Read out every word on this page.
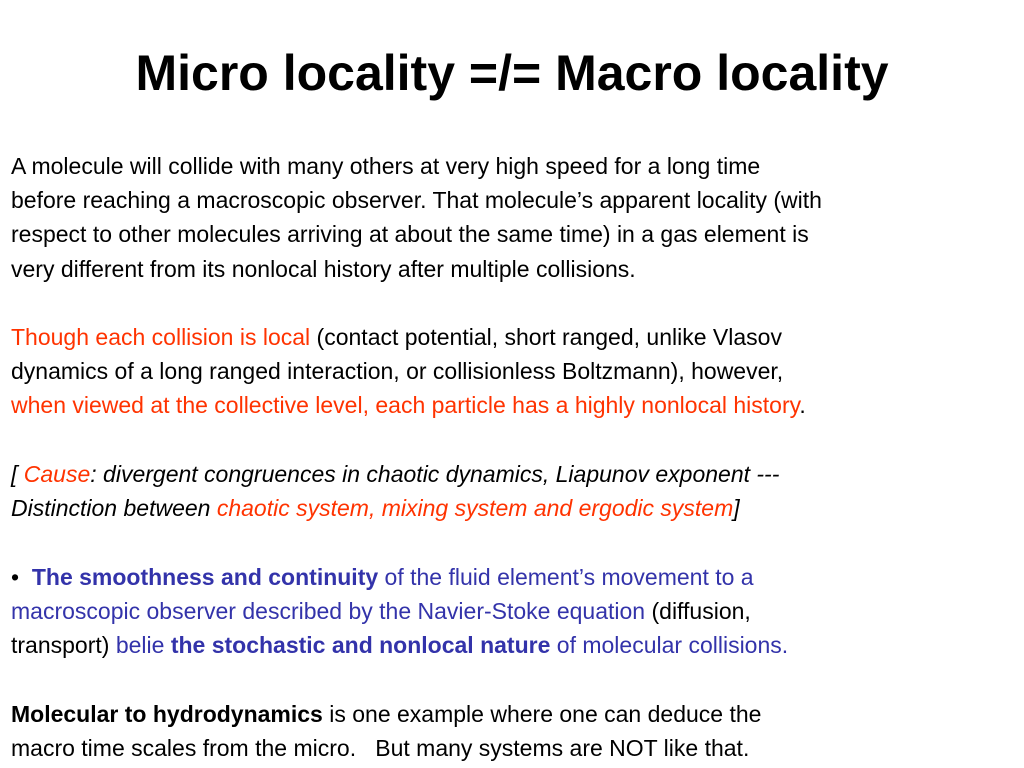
Micro locality =/= Macro locality
A molecule will collide with many others at very high speed for a long time
before reaching a macroscopic observer. That molecule’s apparent locality (with
respect to other molecules arriving at about the same time) in a gas element is
very different from its nonlocal history after multiple collisions.
Though each collision is local (contact potential, short ranged, unlike Vlasov
dynamics of a long ranged interaction, or collisionless Boltzmann), however,
when viewed at the collective level, each particle has a highly nonlocal history.
[ Cause: divergent congruences in chaotic dynamics, Liapunov exponent ---
Distinction between chaotic system, mixing system and ergodic system]
• The smoothness and continuity of the fluid element’s movement to a
macroscopic observer described by the Navier-Stoke equation (diffusion,
transport) belie the stochastic and nonlocal nature of molecular collisions.
Molecular to hydrodynamics is one example where one can deduce the
macro time scales from the micro.   But many systems are NOT like that.
